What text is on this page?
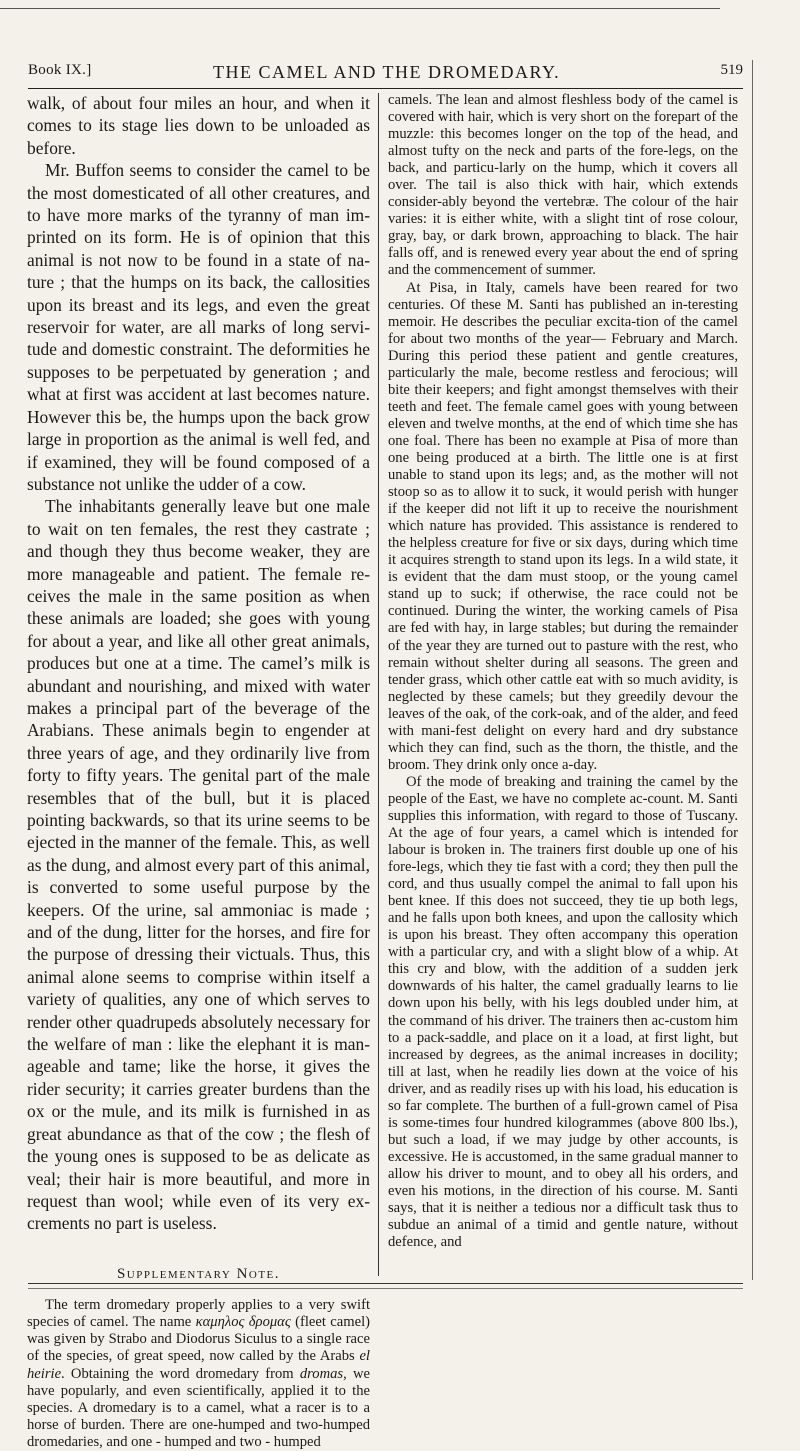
Book IX.]	THE CAMEL AND THE DROMEDARY.	519

walk, of about four miles an hour, and when it comes to its stage lies down to be unloaded as before.

Mr. Buffon seems to consider the camel to be the most domesticated of all other creatures, and to have more marks of the tyranny of man im-printed on its form. He is of opinion that this animal is not now to be found in a state of na-ture ; that the humps on its back, the callosities upon its breast and its legs, and even the great reservoir for water, are all marks of long servi-tude and domestic constraint. The deformities he supposes to be perpetuated by generation ; and what at first was accident at last becomes nature. However this be, the humps upon the back grow large in proportion as the animal is well fed, and if examined, they will be found composed of a substance not unlike the udder of a cow.

The inhabitants generally leave but one male to wait on ten females, the rest they castrate ; and though they thus become weaker, they are more manageable and patient. The female re-ceives the male in the same position as when these animals are loaded; she goes with young for about a year, and like all other great animals, produces but one at a time. The camel’s milk is abundant and nourishing, and mixed with water makes a principal part of the beverage of the Arabians. These animals begin to engender at three years of age, and they ordinarily live from forty to fifty years. The genital part of the male resembles that of the bull, but it is placed pointing backwards, so that its urine seems to be ejected in the manner of the female. This, as well as the dung, and almost every part of this animal, is converted to some useful purpose by the keepers. Of the urine, sal ammoniac is made ; and of the dung, litter for the horses, and fire for the purpose of dressing their victuals. Thus, this animal alone seems to comprise within itself a variety of qualities, any one of which serves to render other quadrupeds absolutely necessary for the welfare of man : like the elephant it is man-ageable and tame; like the horse, it gives the rider security; it carries greater burdens than the ox or the mule, and its milk is furnished in as great abundance as that of the cow ; the flesh of the young ones is supposed to be as delicate as veal; their hair is more beautiful, and more in request than wool; while even of its very ex-crements no part is useless.

Supplementary Note.

The term dromedary properly applies to a very swift species of camel. The name καμηλος δρομας (fleet camel) was given by Strabo and Diodorus Siculus to a single race of the species, of great speed, now called by the Arabs el heirie. Obtaining the word dromedary from dromas, we have popularly, and even scientifically, applied it to the species. A dromedary is to a camel, what a racer is to a horse of burden. There are one-humped and two-humped dromedaries, and one - humped and two - humped

camels. The lean and almost fleshless body of the camel is covered with hair, which is very short on the forepart of the muzzle: this becomes longer on the top of the head, and almost tufty on the neck and parts of the fore-legs, on the back, and particu-larly on the hump, which it covers all over. The tail is also thick with hair, which extends consider-ably beyond the vertebræ. The colour of the hair varies: it is either white, with a slight tint of rose colour, gray, bay, or dark brown, approaching to black. The hair falls off, and is renewed every year about the end of spring and the commencement of summer.

At Pisa, in Italy, camels have been reared for two centuries. Of these M. Santi has published an in-teresting memoir. He describes the peculiar excita-tion of the camel for about two months of the year— February and March. During this period these patient and gentle creatures, particularly the male, become restless and ferocious; will bite their keepers; and fight amongst themselves with their teeth and feet. The female camel goes with young between eleven and twelve months, at the end of which time she has one foal. There has been no example at Pisa of more than one being produced at a birth. The little one is at first unable to stand upon its legs; and, as the mother will not stoop so as to allow it to suck, it would perish with hunger if the keeper did not lift it up to receive the nourishment which nature has provided. This assistance is rendered to the helpless creature for five or six days, during which time it acquires strength to stand upon its legs. In a wild state, it is evident that the dam must stoop, or the young camel stand up to suck; if otherwise, the race could not be continued. During the winter, the working camels of Pisa are fed with hay, in large stables; but during the remainder of the year they are turned out to pasture with the rest, who remain without shelter during all seasons. The green and tender grass, which other cattle eat with so much avidity, is neglected by these camels; but they greedily devour the leaves of the oak, of the cork-oak, and of the alder, and feed with mani-fest delight on every hard and dry substance which they can find, such as the thorn, the thistle, and the broom. They drink only once a-day.

Of the mode of breaking and training the camel by the people of the East, we have no complete ac-count. M. Santi supplies this information, with regard to those of Tuscany. At the age of four years, a camel which is intended for labour is broken in. The trainers first double up one of his fore-legs, which they tie fast with a cord; they then pull the cord, and thus usually compel the animal to fall upon his bent knee. If this does not succeed, they tie up both legs, and he falls upon both knees, and upon the callosity which is upon his breast. They often accompany this operation with a particular cry, and with a slight blow of a whip. At this cry and blow, with the addition of a sudden jerk downwards of his halter, the camel gradually learns to lie down upon his belly, with his legs doubled under him, at the command of his driver. The trainers then ac-custom him to a pack-saddle, and place on it a load, at first light, but increased by degrees, as the animal increases in docility; till at last, when he readily lies down at the voice of his driver, and as readily rises up with his load, his education is so far complete. The burthen of a full-grown camel of Pisa is some-times four hundred kilogrammes (above 800 lbs.), but such a load, if we may judge by other accounts, is excessive. He is accustomed, in the same gradual manner to allow his driver to mount, and to obey all his orders, and even his motions, in the direction of his course. M. Santi says, that it is neither a tedious nor a difficult task thus to subdue an animal of a timid and gentle nature, without defence, and
